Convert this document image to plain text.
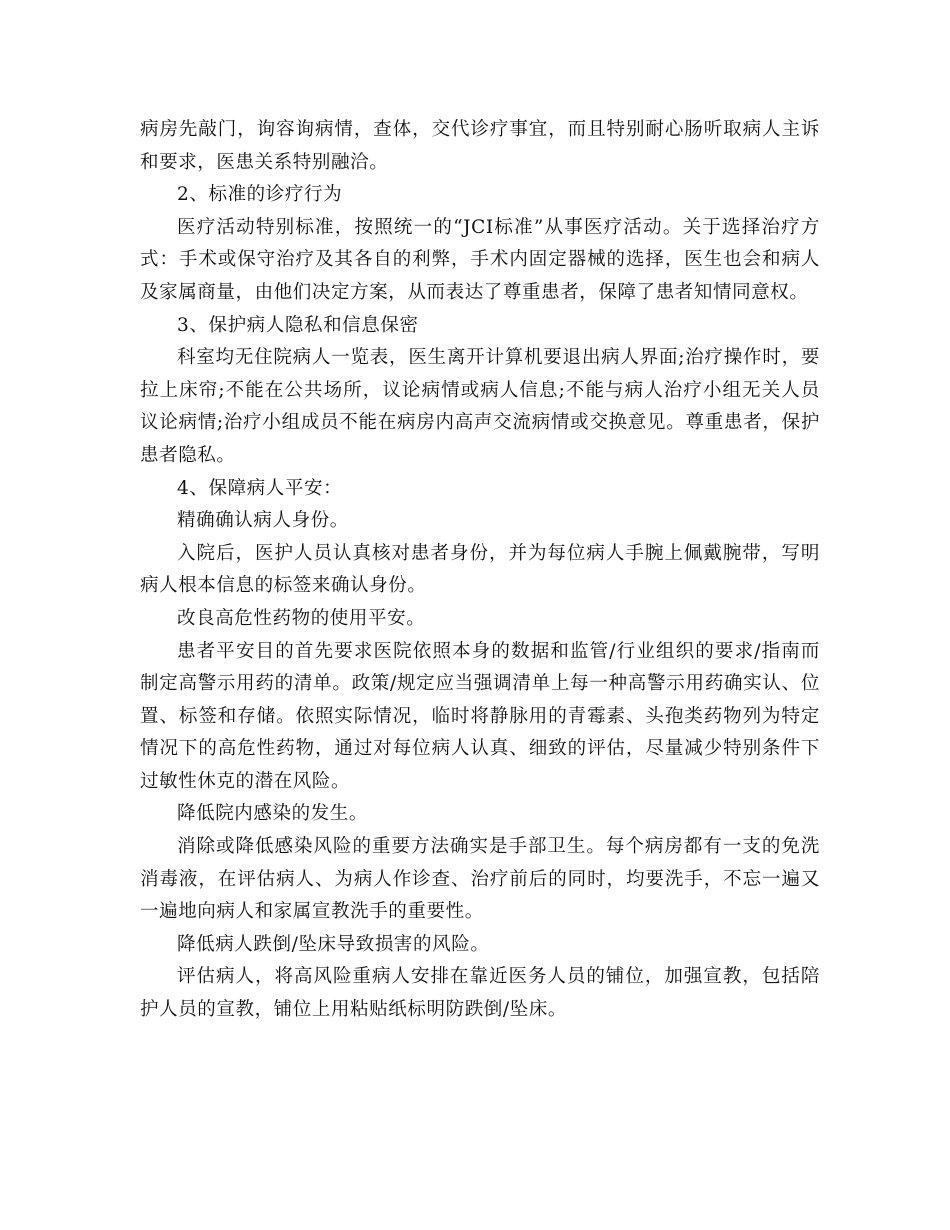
病房先敲门，询容询病情，查体，交代诊疗事宜，而且特别耐心肠听取病人主诉和要求，医患关系特别融洽。

2、标准的诊疗行为

医疗活动特别标准，按照统一的“JCI标准”从事医疗活动。关于选择治疗方式：手术或保守治疗及其各自的利弊，手术内固定器械的选择，医生也会和病人及家属商量，由他们决定方案，从而表达了尊重患者，保障了患者知情同意权。

3、保护病人隐私和信息保密

科室均无住院病人一览表，医生离开计算机要退出病人界面;治疗操作时，要拉上床帘;不能在公共场所，议论病情或病人信息;不能与病人治疗小组无关人员议论病情;治疗小组成员不能在病房内高声交流病情或交换意见。尊重患者，保护患者隐私。

4、保障病人平安：

精确确认病人身份。

入院后，医护人员认真核对患者身份，并为每位病人手腕上佩戴腕带，写明病人根本信息的标签来确认身份。

改良高危性药物的使用平安。

患者平安目的首先要求医院依照本身的数据和监管/行业组织的要求/指南而制定高警示用药的清单。政策/规定应当强调清单上每一种高警示用药确实认、位置、标签和存储。依照实际情况，临时将静脉用的青霉素、头孢类药物列为特定情况下的高危性药物，通过对每位病人认真、细致的评估，尽量减少特别条件下过敏性休克的潜在风险。

降低院内感染的发生。

消除或降低感染风险的重要方法确实是手部卫生。每个病房都有一支的免洗消毒液，在评估病人、为病人作诊查、治疗前后的同时，均要洗手，不忘一遍又一遍地向病人和家属宣教洗手的重要性。

降低病人跌倒/坠床导致损害的风险。

评估病人，将高风险重病人安排在靠近医务人员的铺位，加强宣教，包括陪护人员的宣教，铺位上用粘贴纸标明防跌倒/坠床。
